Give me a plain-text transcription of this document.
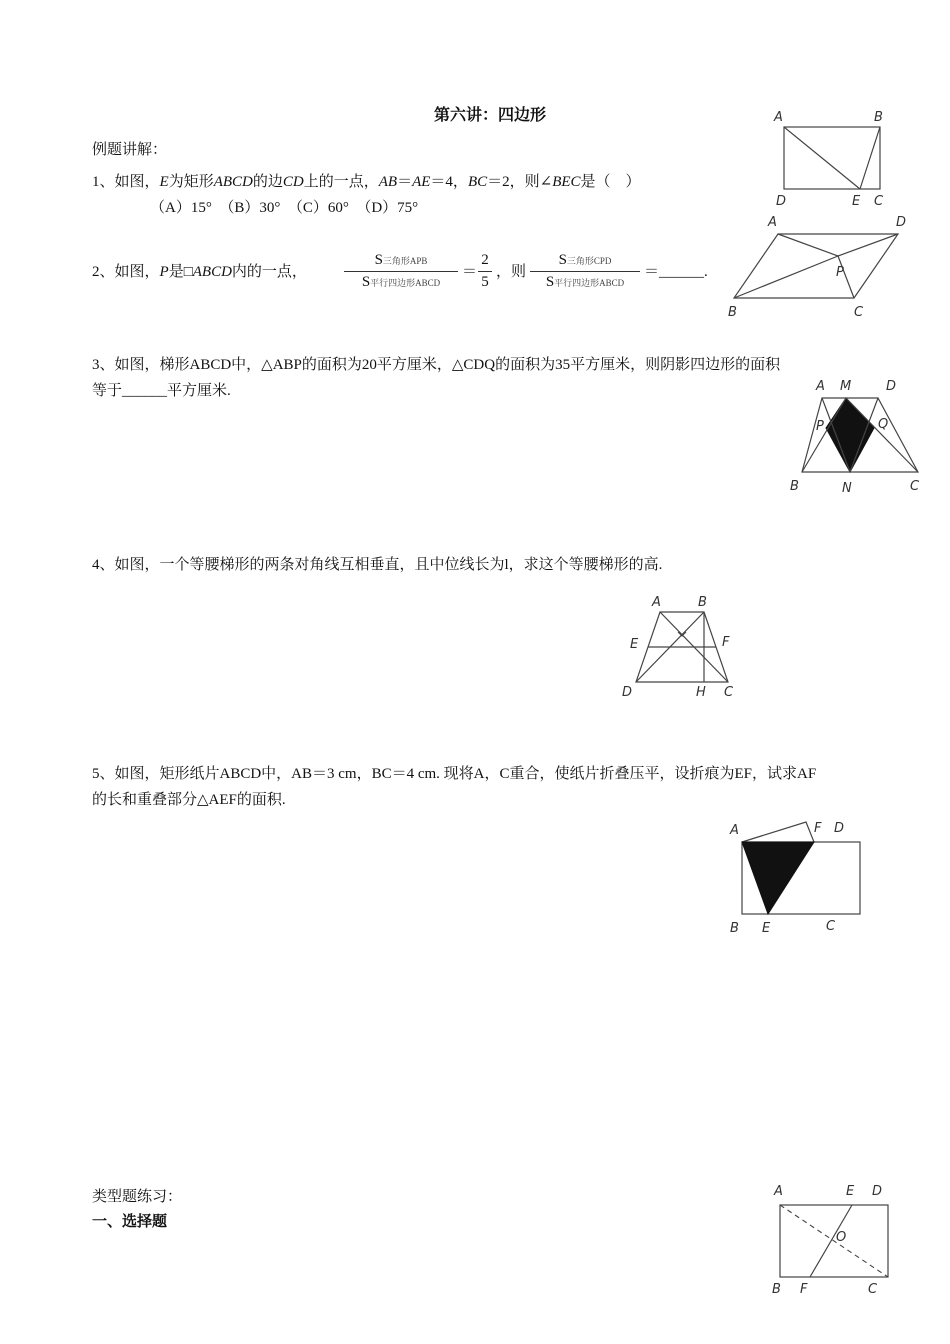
第六讲：四边形
例题讲解：
1、如图，E为矩形ABCD的边CD上的一点，AB＝AE＝4，BC＝2，则∠BEC是（　）
（A）15°　（B）30°　（C）60°　（D）75°
2、如图，P是□ABCD内的一点，
S三角形APB
S平行四边形ABCD
＝
2
5
，则
S三角形CPD
S平行四边形ABCD
＝______.
3、如图，梯形ABCD中，△ABP的面积为20平方厘米，△CDQ的面积为35平方厘米，则阴影四边形的面积
等于______平方厘米.
4、如图，一个等腰梯形的两条对角线互相垂直，且中位线长为l，求这个等腰梯形的高.
5、如图，矩形纸片ABCD中，AB＝3 cm，BC＝4 cm. 现将A，C重合，使纸片折叠压平，设折痕为EF，试求AF
的长和重叠部分△AEF的面积.
类型题练习：
一、选择题
A	B
D	E C
A	D
P
B	C
A M	D
P	Q
B	N	C
A	B
E	F
D	H C
A	F D
B E	C
A	E D
O
B F	C
